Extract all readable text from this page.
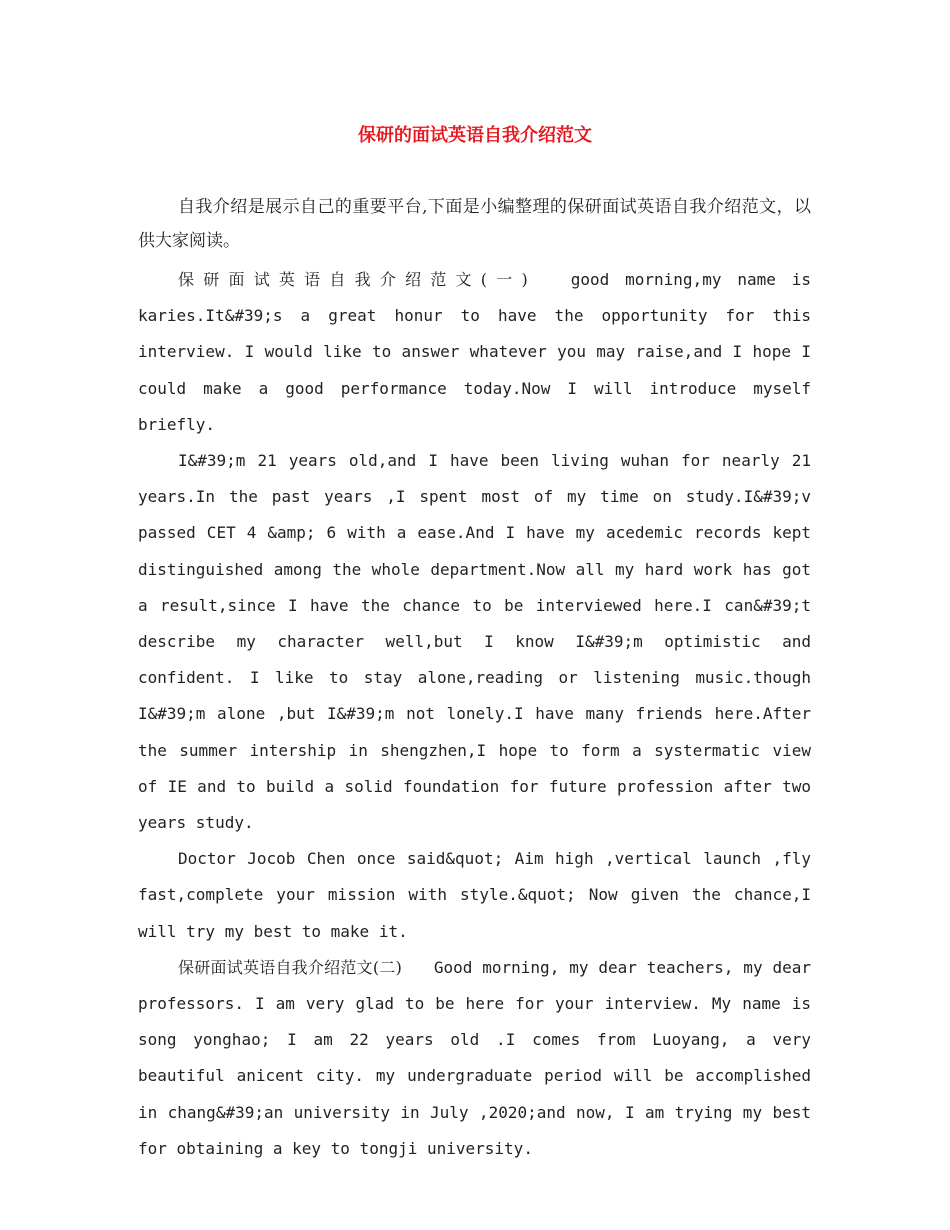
保研的面试英语自我介绍范文

自我介绍是展示自己的重要平台,下面是小编整理的保研面试英语自我介绍范文，以供大家阅读。

保研面试英语自我介绍范文(一)	good morning,my name is karies.It&#39;s a great honur to have the opportunity for this interview. I would like to answer whatever you may raise,and I hope I could make a good performance today.Now I will introduce myself briefly.

I&#39;m 21 years old,and I have been living wuhan for nearly 21 years.In the past years ,I spent most of my time on study.I&#39;v passed CET 4 &amp; 6 with a ease.And I have my acedemic records kept distinguished among the whole department.Now all my hard work has got a result,since I have the chance to be interviewed here.I can&#39;t describe my character well,but I know I&#39;m optimistic and confident. I like to stay alone,reading or listening music.though I&#39;m alone ,but I&#39;m not lonely.I have many friends here.After the summer intership in shengzhen,I hope to form a systermatic view of IE and to build a solid foundation for future profession after two years study.

Doctor Jocob Chen once said&quot; Aim high ,vertical launch ,fly fast,complete your mission with style.&quot; Now given the chance,I will try my best to make it.

保研面试英语自我介绍范文(二) Good morning, my dear teachers, my dear professors. I am very glad to be here for your interview. My name is song yonghao; I am 22 years old .I comes from Luoyang, a very beautiful anicent city. my undergraduate period will be accomplished in chang&#39;an university in July ,2020;and now, I am trying my best for obtaining a key to tongji university.
